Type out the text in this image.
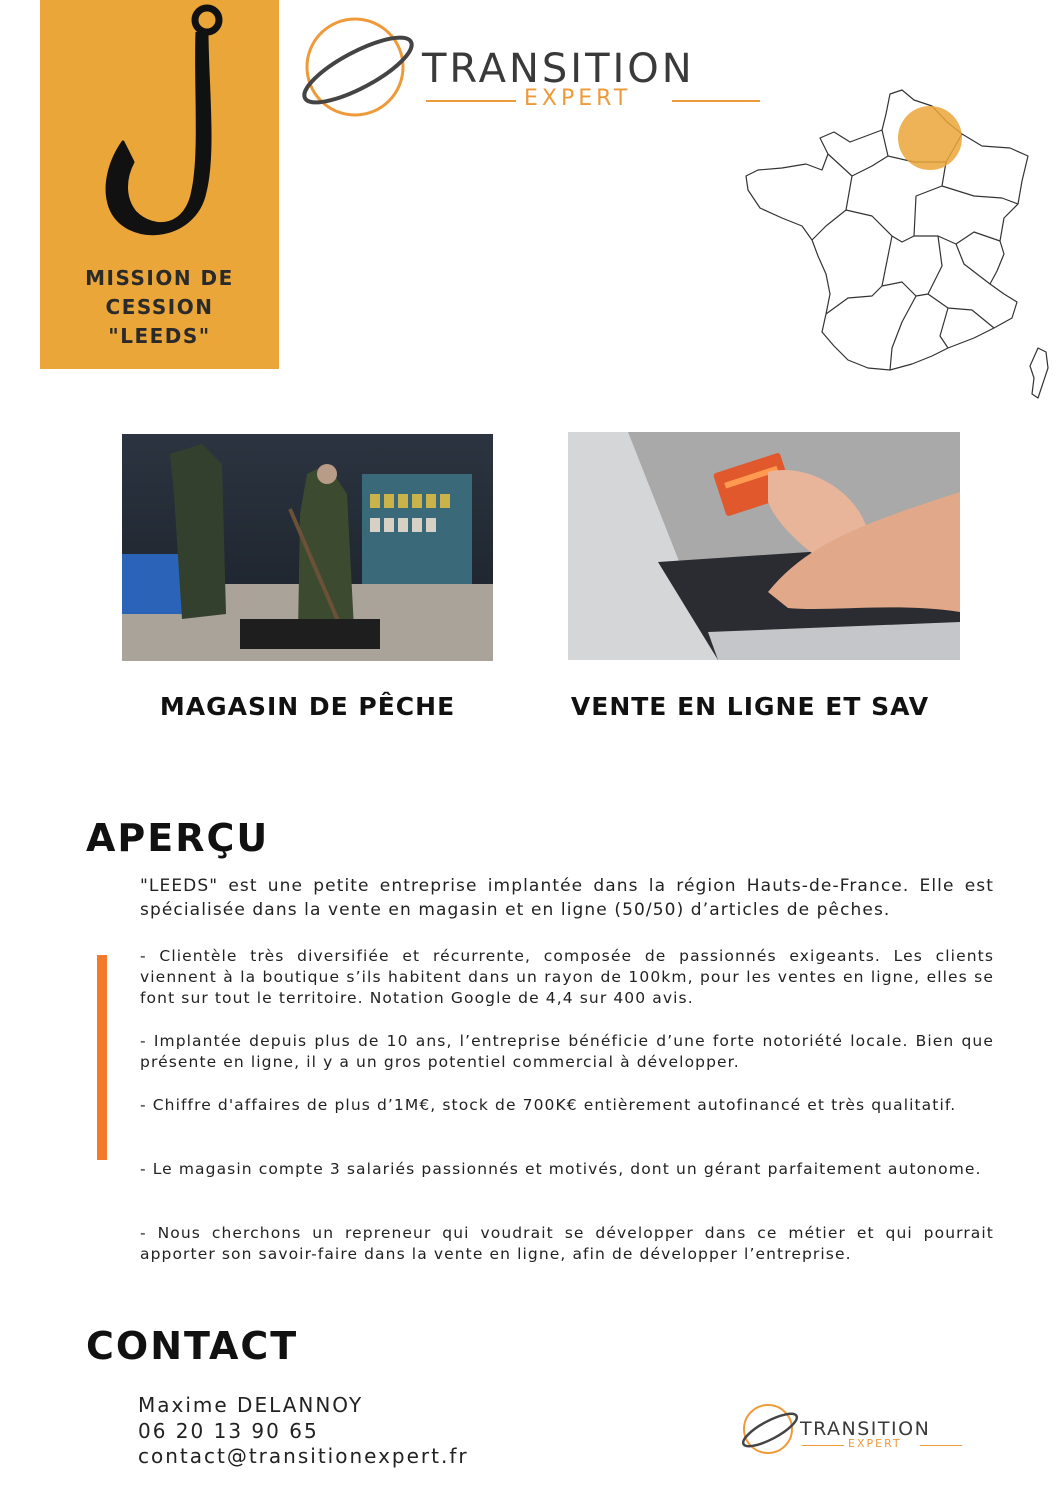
MISSION DE
CESSION
"LEEDS"
TRANSITION
EXPERT
MAGASIN DE PÊCHE	VENTE EN LIGNE ET SAV
APERÇU

"LEEDS" est une petite entreprise implantée dans la région Hauts-de-France. Elle est spécialisée dans la vente en magasin et en ligne (50/50) d’articles de pêches.

- Clientèle très diversifiée et récurrente, composée de passionnés exigeants. Les clients viennent à la boutique s’ils habitent dans un rayon de 100km, pour les ventes en ligne, elles se font sur tout le territoire. Notation Google de 4,4 sur 400 avis.

- Implantée depuis plus de 10 ans, l’entreprise bénéficie d’une forte notoriété locale. Bien que présente en ligne, il y a un gros potentiel commercial à développer.

- Chiffre d'affaires de plus d’1M€, stock de 700K€ entièrement autofinancé et très qualitatif.

- Le magasin compte 3 salariés passionnés et motivés, dont un gérant parfaitement autonome.

- Nous cherchons un repreneur qui voudrait se développer dans ce métier et qui pourrait apporter son savoir-faire dans la vente en ligne, afin de développer l’entreprise.

CONTACT

Maxime DELANNOY

06 20 13 90 65

contact@transitionexpert.fr

TRANSITION
EXPERT
